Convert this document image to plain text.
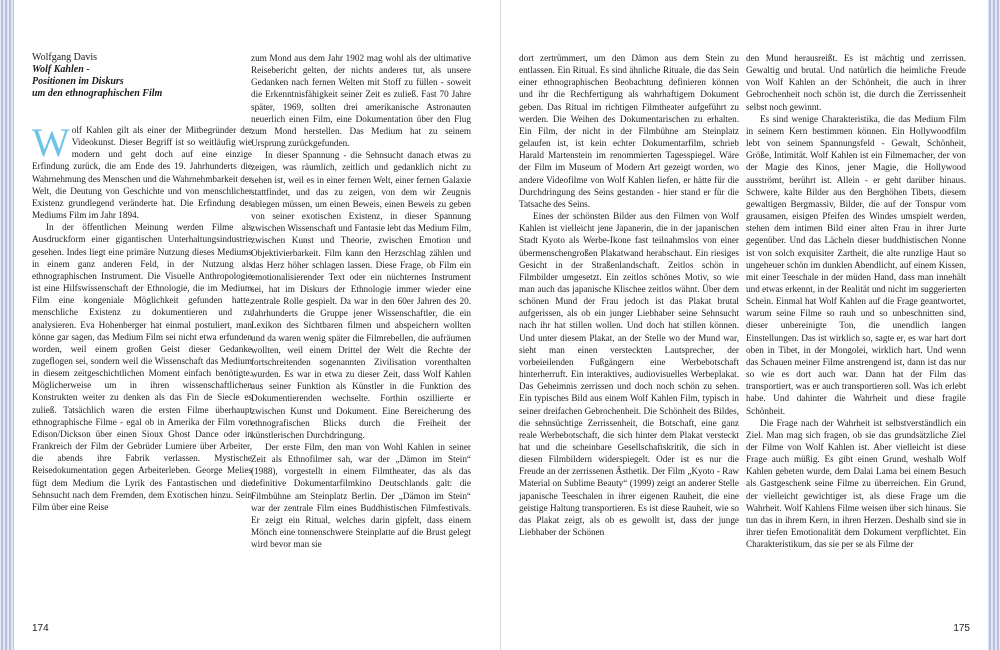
Wolfgang Davis
Wolf Kahlen -
Positionen im Diskurs
um den ethnographischen Film

Wolf Kahlen gilt als einer der Mitbegründer der Videokunst. Dieser Begriff ist so weitläufig wie modern und geht doch auf eine einzige Erfindung zurück, die am Ende des 19. Jahrhunderts die Wahrnehmung des Menschen und die Wahrnehmbarkeit der Welt, die Deutung von Geschichte und von menschlicher Existenz grundlegend veränderte hat. Die Erfindung des Mediums Film im Jahr 1894.

In der öffentlichen Meinung werden Filme als Ausdruckform einer gigantischen Unterhaltungsindustrie gesehen. Indes liegt eine primäre Nutzung dieses Mediums in einem ganz anderen Feld, in der Nutzung als ethnographischen Instrument. Die Visuelle Anthropologie ist eine Hilfswissenschaft der Ethnologie, die im Medium Film eine kongeniale Möglichkeit gefunden hatte, menschliche Existenz zu dokumentieren und zu analysieren. Eva Hohenberger hat einmal postuliert, man könne gar sagen, das Medium Film sei nicht etwa erfunden worden, weil einem großen Geist dieser Gedanke zugeflogen sei, sondern weil die Wissenschaft das Medium in diesem zeitgeschichtlichen Moment einfach benötigte. Möglicherweise um in ihren wissenschaftlichen Konstrukten weiter zu denken als das Fin de Siecle es zuließ. Tatsächlich waren die ersten Filme überhaupt ethnographische Filme - egal ob in Amerika der Film von Edison/Dickson über einen Sioux Ghost Dance oder in Frankreich der Film der Gebrüder Lumiere über Arbeiter, die abends ihre Fabrik verlassen. Mystische Reisedokumentation gegen Arbeiterleben. George Melies fügt dem Medium die Lyrik des Fantastischen und die Sehnsucht nach dem Fremden, dem Exotischen hinzu. Sein Film über eine Reise

zum Mond aus dem Jahr 1902 mag wohl als der ultimative Reisebericht gelten, der nichts anderes tut, als unsere Gedanken nach fernen Welten mit Stoff zu füllen - soweit die Erkenntnisfähigkeit seiner Zeit es zuließ. Fast 70 Jahre später, 1969, sollten drei amerikanische Astronauten neuerlich einen Film, eine Dokumentation über den Flug zum Mond herstellen. Das Medium hat zu seinem Ursprung zurückgefunden.

In dieser Spannung - die Sehnsucht danach etwas zu zeigen, was räumlich, zeitlich und gedanklich nicht zu sehen ist, weil es in einer fernen Welt, einer fernen Galaxie stattfindet, und das zu zeigen, von dem wir Zeugnis ablegen müssen, um einen Beweis, einen Beweis zu geben von seiner exotischen Existenz, in dieser Spannung zwischen Wissenschaft und Fantasie lebt das Medium Film, zwischen Kunst und Theorie, zwischen Emotion und Objektivierbarkeit. Film kann den Herzschlag zählen und das Herz höher schlagen lassen. Diese Frage, ob Film ein emotionalisierender Text oder ein nüchternes Instrument sei, hat im Diskurs der Ethnologie immer wieder eine zentrale Rolle gespielt. Da war in den 60er Jahren des 20. Jahrhunderts die Gruppe jener Wissenschaftler, die ein Lexikon des Sichtbaren filmen und abspeichern wollten und da waren wenig später die Filmrebellen, die aufräumen wollten, weil einem Drittel der Welt die Rechte der fortschreitenden sogenannten Zivilisation vorenthalten wurden. Es war in etwa zu dieser Zeit, dass Wolf Kahlen aus seiner Funktion als Künstler in die Funktion des Dokumentierenden wechselte. Forthin oszillierte er zwischen Kunst und Dokument. Eine Bereicherung des ethnografischen Blicks durch die Freiheit der künstlerischen Durchdringung.

Der erste Film, den man von Wohl Kahlen in seiner Zeit als Ethnofilmer sah, war der „Dämon im Stein“ (1988), vorgestellt in einem Filmtheater, das als das definitive Dokumentarfilmkino Deutschlands galt: die Filmbühne am Steinplatz Berlin. Der „Dämon im Stein“ war der zentrale Film eines Buddhistischen Filmfestivals. Er zeigt ein Ritual, welches darin gipfelt, dass einem Mönch eine tonnenschwere Steinplatte auf die Brust gelegt wird bevor man sie

174

dort zertrümmert, um den Dämon aus dem Stein zu entlassen. Ein Ritual. Es sind ähnliche Rituale, die das Sein einer ethnographischen Beobachtung definieren können und ihr die Rechfertigung als wahrhaftigem Dokument geben. Das Ritual im richtigen Filmtheater aufgeführt zu werden. Die Weihen des Dokumentarischen zu erhalten. Ein Film, der nicht in der Filmbühne am Steinplatz gelaufen ist, ist kein echter Dokumentarfilm, schrieb Harald Martenstein im renommierten Tagesspiegel. Wäre der Film im Museum of Modern Art gezeigt worden, wo andere Videofilme von Wolf Kahlen liefen, er hätte für die Durchdringung des Seins gestanden - hier stand er für die Tatsache des Seins.

Eines der schönsten Bilder aus den Filmen von Wolf Kahlen ist vielleicht jene Japanerin, die in der japanischen Stadt Kyoto als Werbe-Ikone fast teilnahmslos von einer übermenschengroßen Plakatwand herabschaut. Ein riesiges Gesicht in der Straßenlandschaft. Zeitlos schön in Filmbilder umgesetzt. Ein zeitlos schönes Motiv, so wie man auch das japanische Klischee zeitlos wähnt. Über dem schönen Mund der Frau jedoch ist das Plakat brutal aufgerissen, als ob ein junger Liebhaber seine Sehnsucht nach ihr hat stillen wollen. Und doch hat stillen können. Und unter diesem Plakat, an der Stelle wo der Mund war, sieht man einen versteckten Lautsprecher, der vorbeieilenden Fußgängern eine Werbebotschaft hinterherruft. Ein interaktives, audiovisuelles Werbeplakat. Das Geheimnis zerrissen und doch noch schön zu sehen. Ein typisches Bild aus einem Wolf Kahlen Film, typisch in seiner dreifachen Gebrochenheit. Die Schönheit des Bildes, die sehnsüchtige Zerrissenheit, die Botschaft, eine ganz reale Werbebotschaft, die sich hinter dem Plakat versteckt hat und die scheinbare Gesellschaftskritik, die sich in diesen Filmbildern widerspiegelt. Oder ist es nur die Freude an der zerrissenen Ästhetik. Der Film „Kyoto - Raw Material on Sublime Beauty“ (1999) zeigt an anderer Stelle japanische Teeschalen in ihrer eigenen Rauheit, die eine geistige Haltung transportieren. Es ist diese Rauheit, wie so das Plakat zeigt, als ob es gewollt ist, dass der junge Liebhaber der Schönen

den Mund herausreißt. Es ist mächtig und zerrissen. Gewaltig und brutal. Und natürlich die heimliche Freude von Wolf Kahlen an der Schönheit, die auch in ihrer Gebrochenheit noch schön ist, die durch die Zerrissenheit selbst noch gewinnt.

Es sind wenige Charakteristika, die das Medium Film in seinem Kern bestimmen können. Ein Hollywoodfilm lebt von seinem Spannungsfeld - Gewalt, Schönheit, Größe, Intimität. Wolf Kahlen ist ein Filmemacher, der von der Magie des Kinos, jener Magie, die Hollywood ausströmt, berührt ist. Allein - er geht darüber hinaus. Schwere, kalte Bilder aus den Berghöhen Tibets, diesem gewaltigen Bergmassiv, Bilder, die auf der Tonspur vom grausamen, eisigen Pfeifen des Windes umspielt werden, stehen dem intimen Bild einer alten Frau in ihrer Jurte gegenüber. Und das Lächeln dieser buddhistischen Nonne ist von solch exquisiter Zartheit, die alte runzlige Haut so ungeheuer schön im dunklen Abendlicht, auf einem Kissen, mit einer Teeschale in der müden Hand, dass man innehält und etwas erkennt, in der Realität und nicht im suggerierten Schein. Einmal hat Wolf Kahlen auf die Frage geantwortet, warum seine Filme so rauh und so unbeschnitten sind, dieser unbereinigte Ton, die unendlich langen Einstellungen. Das ist wirklich so, sagte er, es war hart dort oben in Tibet, in der Mongolei, wirklich hart. Und wenn das Schauen meiner Filme anstrengend ist, dann ist das nur so wie es dort auch war. Dann hat der Film das transportiert, was er auch transportieren soll. Was ich erlebt habe. Und dahinter die Wahrheit und diese fragile Schönheit.

Die Frage nach der Wahrheit ist selbstverständlich ein Ziel. Man mag sich fragen, ob sie das grundsätzliche Ziel der Filme von Wolf Kahlen ist. Aber vielleicht ist diese Frage auch müßig. Es gibt einen Grund, weshalb Wolf Kahlen gebeten wurde, dem Dalai Lama bei einem Besuch als Gastgeschenk seine Filme zu überreichen. Ein Grund, der vielleicht gewichtiger ist, als diese Frage um die Wahrheit. Wolf Kahlens Filme weisen über sich hinaus. Sie tun das in ihrem Kern, in ihren Herzen. Deshalb sind sie in ihrer tiefen Emotionalität dem Dokument verpflichtet. Ein Charakteristikum, das sie per se als Filme der

175
